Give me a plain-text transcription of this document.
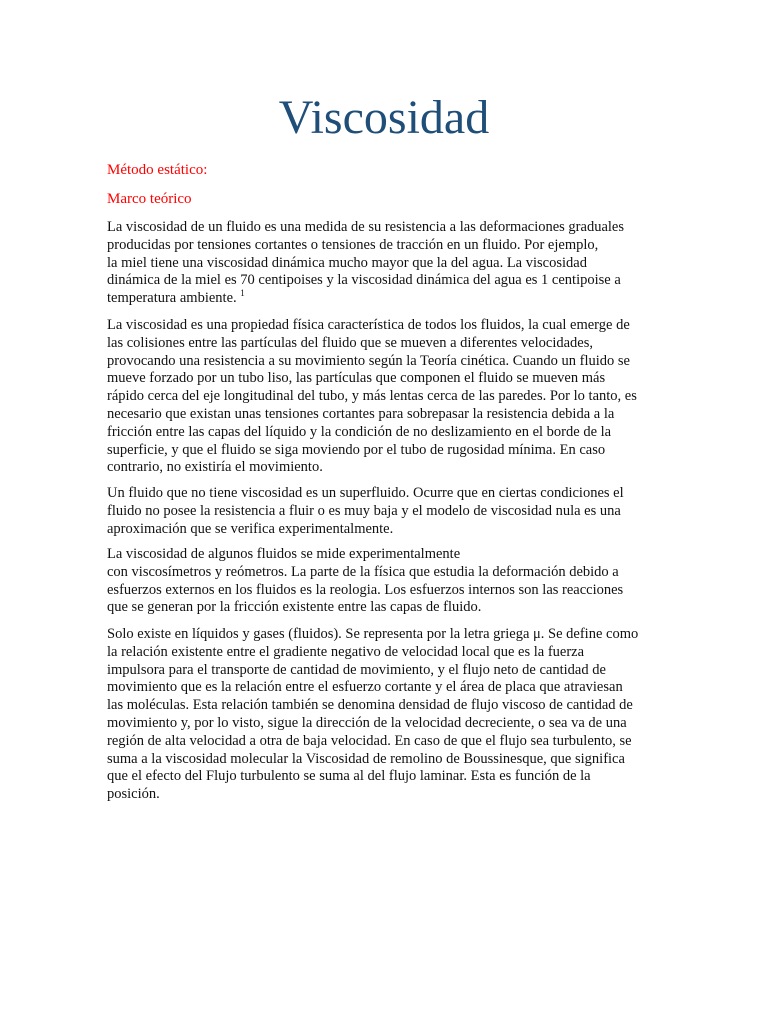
Viscosidad

Método estático:

Marco teórico

La viscosidad de un fluido es una medida de su resistencia a las deformaciones graduales
producidas por tensiones cortantes o tensiones de tracción en un fluido. Por ejemplo,
la miel tiene una viscosidad dinámica mucho mayor que la del agua. La viscosidad
dinámica de la miel es 70 centipoises y la viscosidad dinámica del agua es 1 centipoise a
temperatura ambiente. $^1$
La viscosidad es una propiedad física característica de todos los fluidos, la cual emerge de
las colisiones entre las partículas del fluido que se mueven a diferentes velocidades,
provocando una resistencia a su movimiento según la Teoría cinética. Cuando un fluido se
mueve forzado por un tubo liso, las partículas que componen el fluido se mueven más
rápido cerca del eje longitudinal del tubo, y más lentas cerca de las paredes. Por lo tanto, es
necesario que existan unas tensiones cortantes para sobrepasar la resistencia debida a la
fricción entre las capas del líquido y la condición de no deslizamiento en el borde de la
superficie, y que el fluido se siga moviendo por el tubo de rugosidad mínima. En caso
contrario, no existiría el movimiento.
Un fluido que no tiene viscosidad es un superfluido. Ocurre que en ciertas condiciones el
fluido no posee la resistencia a fluir o es muy baja y el modelo de viscosidad nula es una
aproximación que se verifica experimentalmente.
La viscosidad de algunos fluidos se mide experimentalmente
con viscosímetros y reómetros. La parte de la física que estudia la deformación debido a
esfuerzos externos en los fluidos es la reologia. Los esfuerzos internos son las reacciones
que se generan por la fricción existente entre las capas de fluido.
Solo existe en líquidos y gases (fluidos). Se representa por la letra griega μ. Se define como
la relación existente entre el gradiente negativo de velocidad local que es la fuerza
impulsora para el transporte de cantidad de movimiento, y el flujo neto de cantidad de
movimiento que es la relación entre el esfuerzo cortante y el área de placa que atraviesan
las moléculas. Esta relación también se denomina densidad de flujo viscoso de cantidad de
movimiento y, por lo visto, sigue la dirección de la velocidad decreciente, o sea va de una
región de alta velocidad a otra de baja velocidad. En caso de que el flujo sea turbulento, se
suma a la viscosidad molecular la Viscosidad de remolino de Boussinesque, que significa
que el efecto del Flujo turbulento se suma al del flujo laminar. Esta es función de la
posición.
